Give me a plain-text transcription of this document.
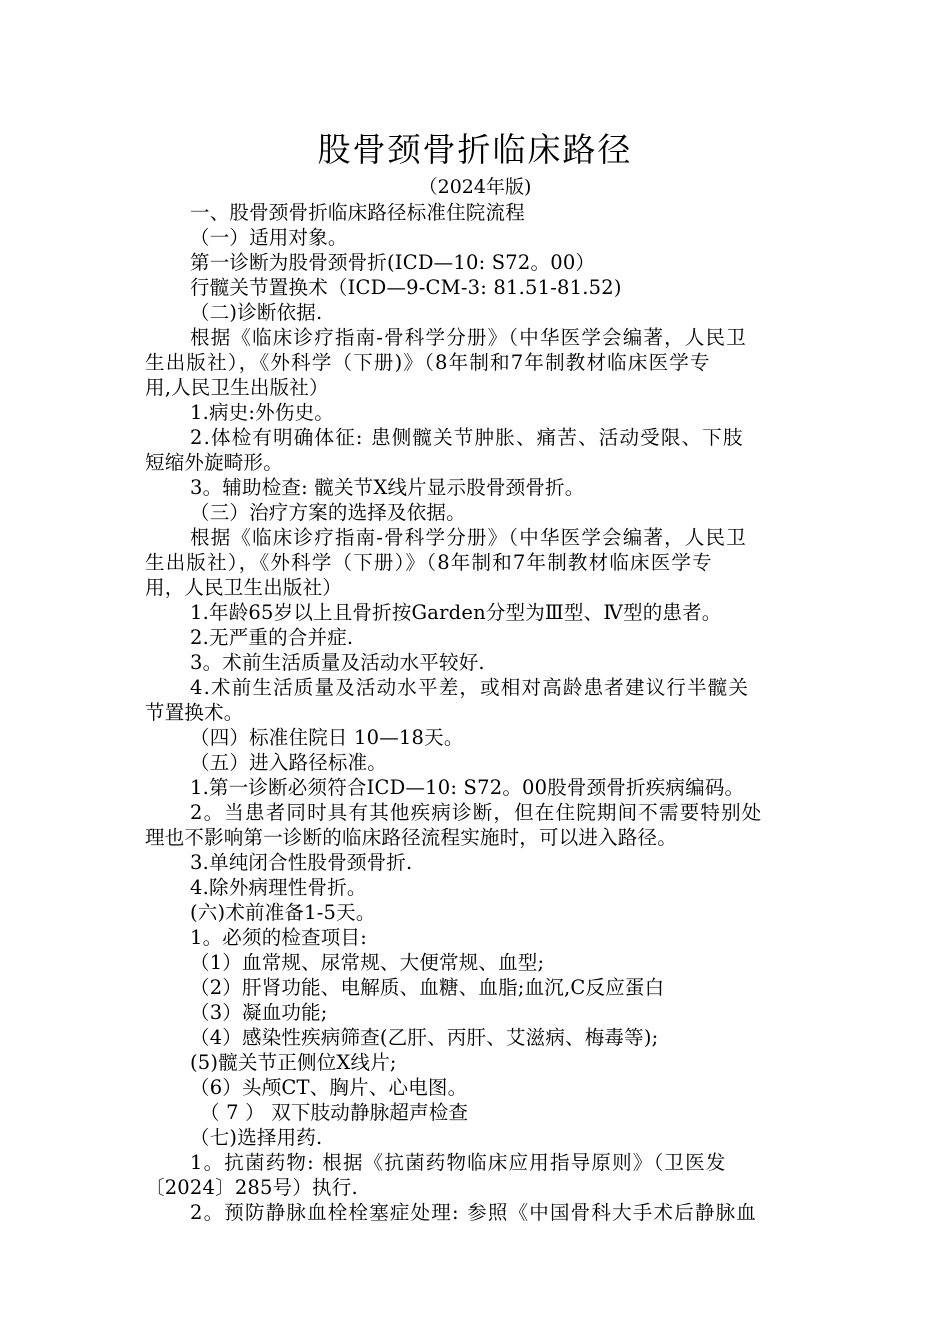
股骨颈骨折临床路径
（2024年版)
一、股骨颈骨折临床路径标准住院流程
（一）适用对象。
第一诊断为股骨颈骨折(ICD—10: S72。00）
行髋关节置换术（ICD—9-CM-3: 81.51-81.52)
（二)诊断依据.
根据《临床诊疗指南-骨科学分册》（中华医学会编著，人民卫
生出版社），《外科学（下册)》（8年制和7年制教材临床医学专
用,人民卫生出版社）
1.病史:外伤史。
2.体检有明确体征: 患侧髋关节肿胀、痛苦、活动受限、下肢
短缩外旋畸形。
3。辅助检查: 髋关节X线片显示股骨颈骨折。
（三）治疗方案的选择及依据。
根据《临床诊疗指南-骨科学分册》（中华医学会编著，人民卫
生出版社），《外科学（下册）》（8年制和7年制教材临床医学专
用，人民卫生出版社）
1.年龄65岁以上且骨折按Garden分型为Ⅲ型、Ⅳ型的患者。
2.无严重的合并症.
3。术前生活质量及活动水平较好.
4.术前生活质量及活动水平差，或相对高龄患者建议行半髋关
节置换术。
（四）标准住院日 10—18天。
（五）进入路径标准。
1.第一诊断必须符合ICD—10: S72。00股骨颈骨折疾病编码。
2。当患者同时具有其他疾病诊断，但在住院期间不需要特别处
理也不影响第一诊断的临床路径流程实施时，可以进入路径。
3.单纯闭合性股骨颈骨折.
4.除外病理性骨折。
(六)术前准备1-5天。
1。必须的检查项目:
（1）血常规、尿常规、大便常规、血型;
（2）肝肾功能、电解质、血糖、血脂;血沉,C反应蛋白
（3）凝血功能;
（4）感染性疾病筛查(乙肝、丙肝、艾滋病、梅毒等);
(5)髋关节正侧位X线片;
（6）头颅CT、胸片、心电图。
（ 7 ） 双下肢动静脉超声检查
（七)选择用药.
1。抗菌药物: 根据《抗菌药物临床应用指导原则》（卫医发
〔2024〕285号）执行.
2。预防静脉血栓栓塞症处理: 参照《中国骨科大手术后静脉血
